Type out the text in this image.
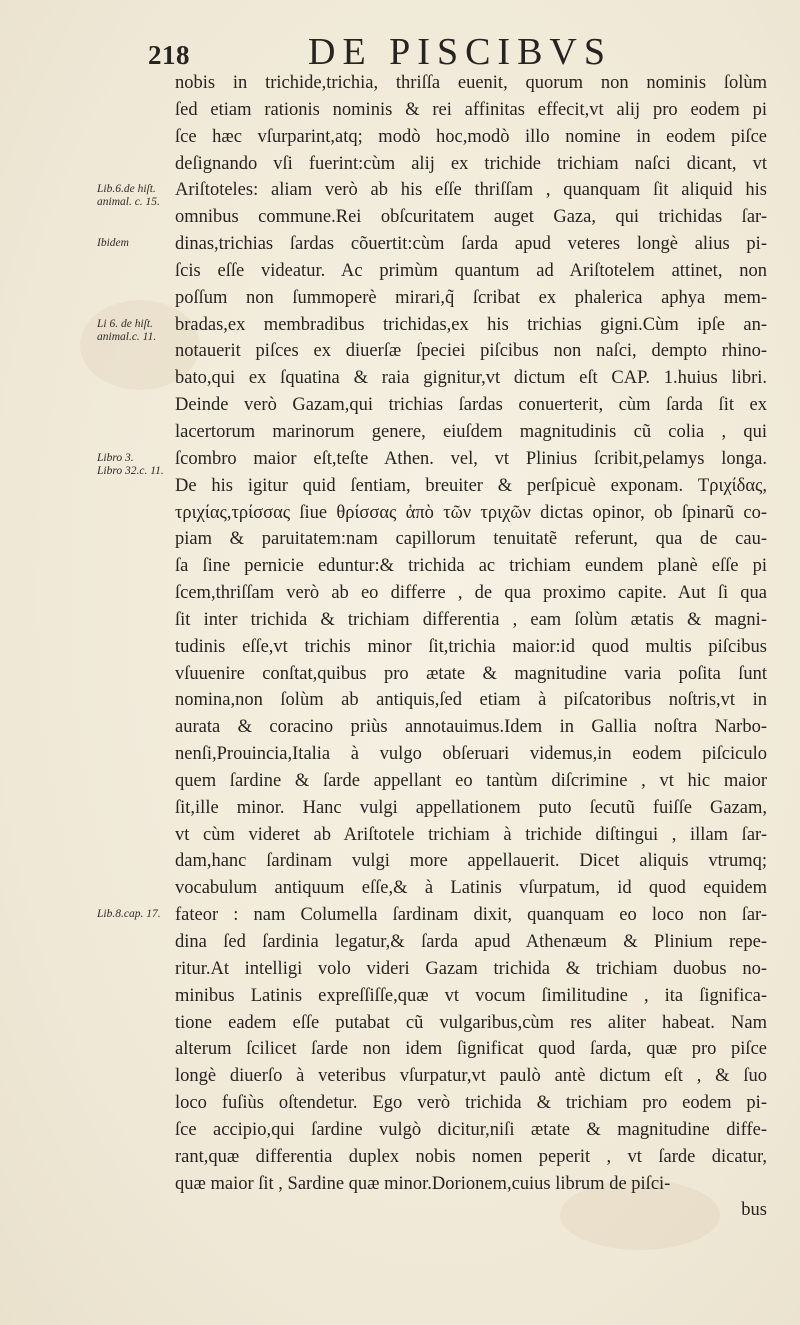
218	DE PISCIBVS
nobis in trichide,trichia, thriſſa euenit, quorum non nominis ſolùm
ſed etiam rationis nominis & rei affinitas effecit,vt alij pro eodem pi
ſce hæc vſurparint,atq; modò hoc,modò illo nomine in eodem piſce
deſignando vſi fuerint:cùm alij ex trichide trichiam naſci dicant, vt
Ariſtoteles: aliam verò ab his eſſe thriſſam , quanquam ſit aliquid his
omnibus commune.Rei obſcuritatem auget Gaza, qui trichidas ſar-
dinas,trichias ſardas cõuertit:cùm ſarda apud veteres longè alius pi-
ſcis eſſe videatur. Ac primùm quantum ad Ariſtotelem attinet, non
poſſum non ſummoperè mirari,q̃ ſcribat ex phalerica aphya mem-
bradas,ex membradibus trichidas,ex his trichias gigni.Cùm ipſe an-
notauerit piſces ex diuerſæ ſpeciei piſcibus non naſci, dempto rhino-
bato,qui ex ſquatina & raia gignitur,vt dictum eſt CAP. 1.huius libri.
Deinde verò Gazam,qui trichias ſardas conuerterit, cùm ſarda ſit ex
lacertorum marinorum genere, eiuſdem magnitudinis cũ colia , qui
ſcombro maior eſt,teſte Athen. vel, vt Plinius ſcribit,pelamys longa.
De his igitur quid ſentiam, breuiter & perſpicuè exponam. Τριχίδας,
τριχίας,τρίσσας ſiue θρίσσας ἀπὸ τῶν τριχῶν dictas opinor, ob ſpinarũ co-
piam & paruitatem:nam capillorum tenuitatẽ referunt, qua de cau-
ſa ſine pernicie eduntur:& trichida ac trichiam eundem planè eſſe pi
ſcem,thriſſam verò ab eo differre , de qua proximo capite. Aut ſi qua
ſit inter trichida & trichiam differentia , eam ſolùm ætatis & magni-
tudinis eſſe,vt trichis minor ſit,trichia maior:id quod multis piſcibus
vſuuenire conſtat,quibus pro ætate & magnitudine varia poſita ſunt
nomina,non ſolùm ab antiquis,ſed etiam à piſcatoribus noſtris,vt in
aurata & coracino priùs annotauimus.Idem in Gallia noſtra Narbo-
nenſi,Prouincia,Italia à vulgo obſeruari videmus,in eodem piſciculo
quem ſardine & ſarde appellant eo tantùm diſcrimine , vt hic maior
ſit,ille minor. Hanc vulgi appellationem puto ſecutũ fuiſſe Gazam,
vt cùm videret ab Ariſtotele trichiam à trichide diſtingui , illam ſar-
dam,hanc ſardinam vulgi more appellauerit. Dicet aliquis vtrumq;
vocabulum antiquum eſſe,& à Latinis vſurpatum, id quod equidem
fateor : nam Columella ſardinam dixit, quanquam eo loco non ſar-
dina ſed ſardinia legatur,& ſarda apud Athenæum & Plinium repe-
ritur.At intelligi volo videri Gazam trichida & trichiam duobus no-
minibus Latinis expreſſiſſe,quæ vt vocum ſimilitudine , ita ſignifica-
tione eadem eſſe putabat cũ vulgaribus,cùm res aliter habeat. Nam
alterum ſcilicet ſarde non idem ſignificat quod ſarda, quæ pro piſce
longè diuerſo à veteribus vſurpatur,vt paulò antè dictum eſt , & ſuo
loco fuſiùs oſtendetur. Ego verò trichida & trichiam pro eodem pi-
ſce accipio,qui ſardine vulgò dicitur,niſi ætate & magnitudine diffe-
rant,quæ differentia duplex nobis nomen peperit , vt ſarde dicatur,
quæ maior ſit , Sardine quæ minor.Dorionem,cuius librum de piſci-
bus
Lib.6.de hiſt.
animal. c. 15.
Ibidem
Li 6. de hiſt.
animal.c. 11.
Libro 3.
Libro 32.c. 11.
Lib.8.cap. 17.
